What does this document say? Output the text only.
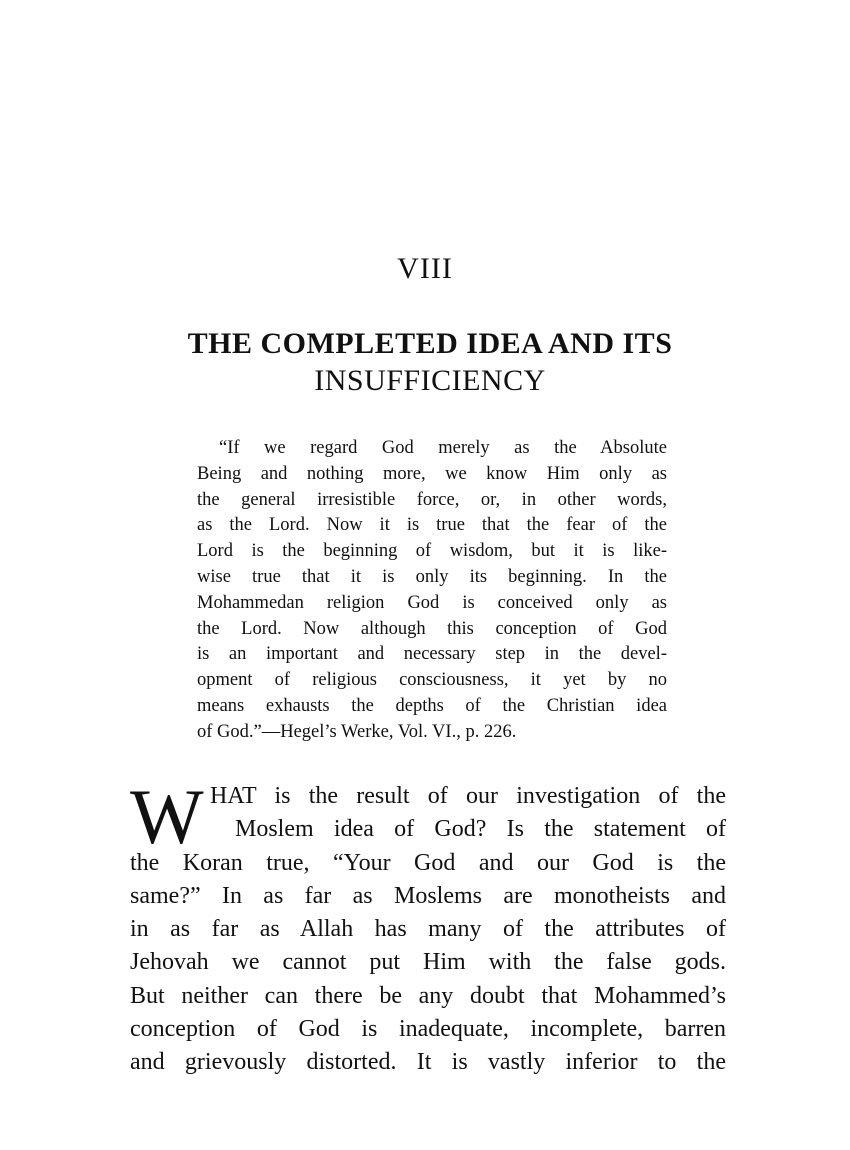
VIII
THE COMPLETED IDEA AND ITS
INSUFFICIENCY
“If we regard God merely as the Absolute
Being and nothing more, we know Him only as
the general irresistible force, or, in other words,
as the Lord. Now it is true that the fear of the
Lord is the beginning of wisdom, but it is like-
wise true that it is only its beginning. In the
Mohammedan religion God is conceived only as
the Lord. Now although this conception of God
is an important and necessary step in the devel-
opment of religious consciousness, it yet by no
means exhausts the depths of the Christian idea
of God.”—Hegel’s Werke, Vol. VI., p. 226.
W HAT is the result of our investigation of the
Moslem idea of God? Is the statement of
the Koran true, “Your God and our God is the
same?” In as far as Moslems are monotheists and
in as far as Allah has many of the attributes of
Jehovah we cannot put Him with the false gods.
But neither can there be any doubt that Mohammed’s
conception of God is inadequate, incomplete, barren
and grievously distorted. It is vastly inferior to the
